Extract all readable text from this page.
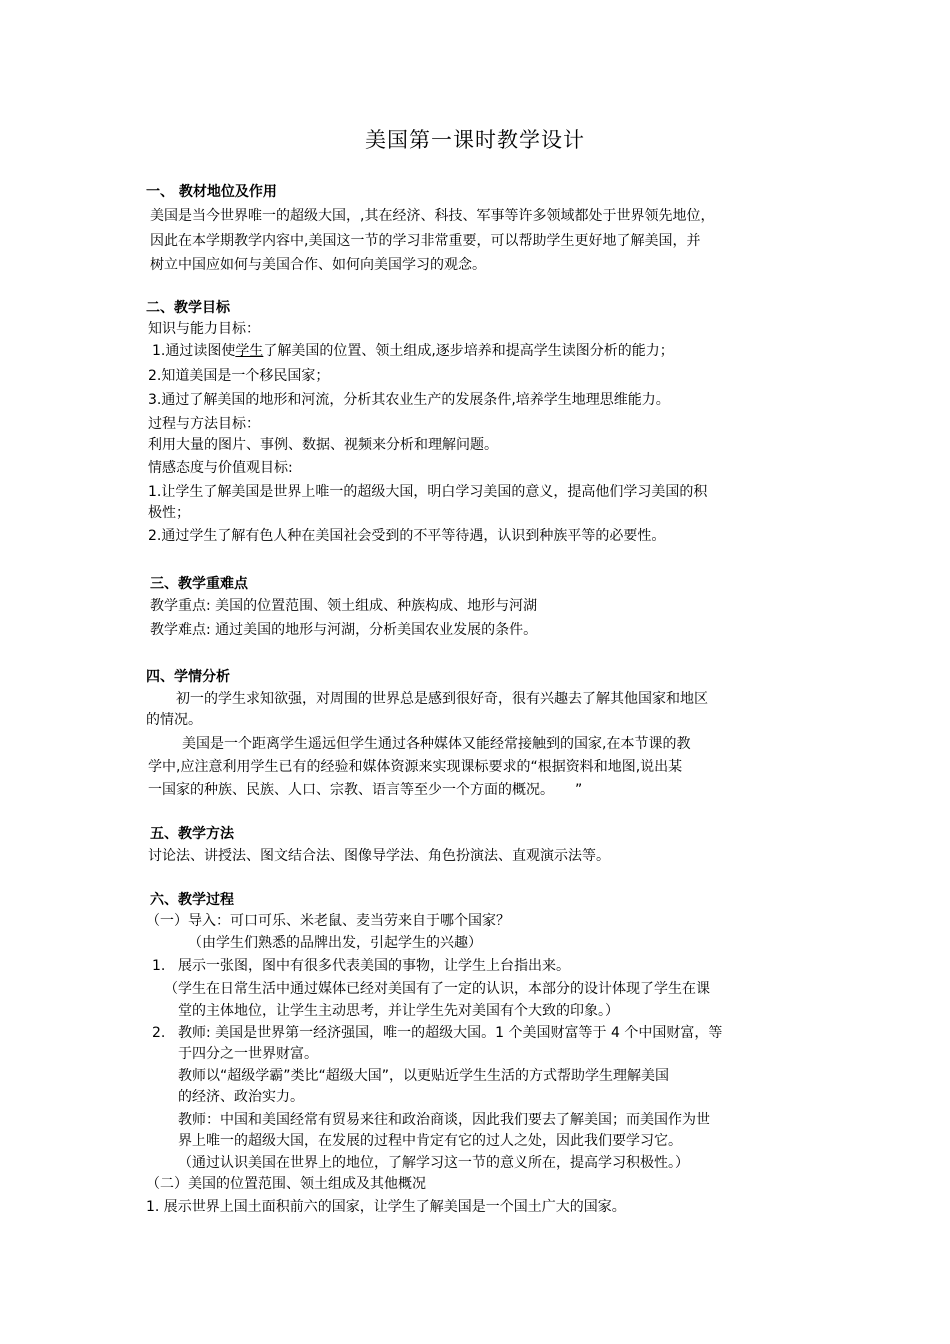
美国第一课时教学设计
一、 教材地位及作用
美国是当今世界唯一的超级大国，,其在经济、科技、军事等许多领域都处于世界领先地位，
因此在本学期教学内容中,美国这一节的学习非常重要，可以帮助学生更好地了解美国，并
树立中国应如何与美国合作、如何向美国学习的观念。
二、教学目标
知识与能力目标：
1.通过读图使学生了解美国的位置、领土组成,逐步培养和提高学生读图分析的能力；
2.知道美国是一个移民国家；
3.通过了解美国的地形和河流，分析其农业生产的发展条件,培养学生地理思维能力。
过程与方法目标：
利用大量的图片、事例、数据、视频来分析和理解问题。
情感态度与价值观目标:
1.让学生了解美国是世界上唯一的超级大国，明白学习美国的意义，提高他们学习美国的积
极性；
2.通过学生了解有色人种在美国社会受到的不平等待遇，认识到种族平等的必要性。
三、教学重难点
教学重点: 美国的位置范围、领土组成、种族构成、地形与河湖
教学难点: 通过美国的地形与河湖，分析美国农业发展的条件。
四、学情分析
初一的学生求知欲强，对周围的世界总是感到很好奇，很有兴趣去了解其他国家和地区
的情况。
美国是一个距离学生遥远但学生通过各种媒体又能经常接触到的国家,在本节课的教
学中,应注意利用学生已有的经验和媒体资源来实现课标要求的“根据资料和地图,说出某
一国家的种族、民族、人口、宗教、语言等至少一个方面的概况。　　”
五、教学方法
讨论法、讲授法、图文结合法、图像导学法、角色扮演法、直观演示法等。
六、教学过程
（一）导入：可口可乐、米老鼠、麦当劳来自于哪个国家？
（由学生们熟悉的品牌出发，引起学生的兴趣）
1. 展示一张图，图中有很多代表美国的事物，让学生上台指出来。
（学生在日常生活中通过媒体已经对美国有了一定的认识，本部分的设计体现了学生在课
堂的主体地位，让学生主动思考，并让学生先对美国有个大致的印象。）
2. 教师: 美国是世界第一经济强国，唯一的超级大国。1 个美国财富等于 4 个中国财富，等
于四分之一世界财富。
教师以“超级学霸”类比“超级大国”，以更贴近学生生活的方式帮助学生理解美国
的经济、政治实力。
教师：中国和美国经常有贸易来往和政治商谈，因此我们要去了解美国；而美国作为世
界上唯一的超级大国，在发展的过程中肯定有它的过人之处，因此我们要学习它。
（通过认识美国在世界上的地位，了解学习这一节的意义所在，提高学习积极性。）
（二）美国的位置范围、领土组成及其他概况
1. 展示世界上国土面积前六的国家，让学生了解美国是一个国土广大的国家。
